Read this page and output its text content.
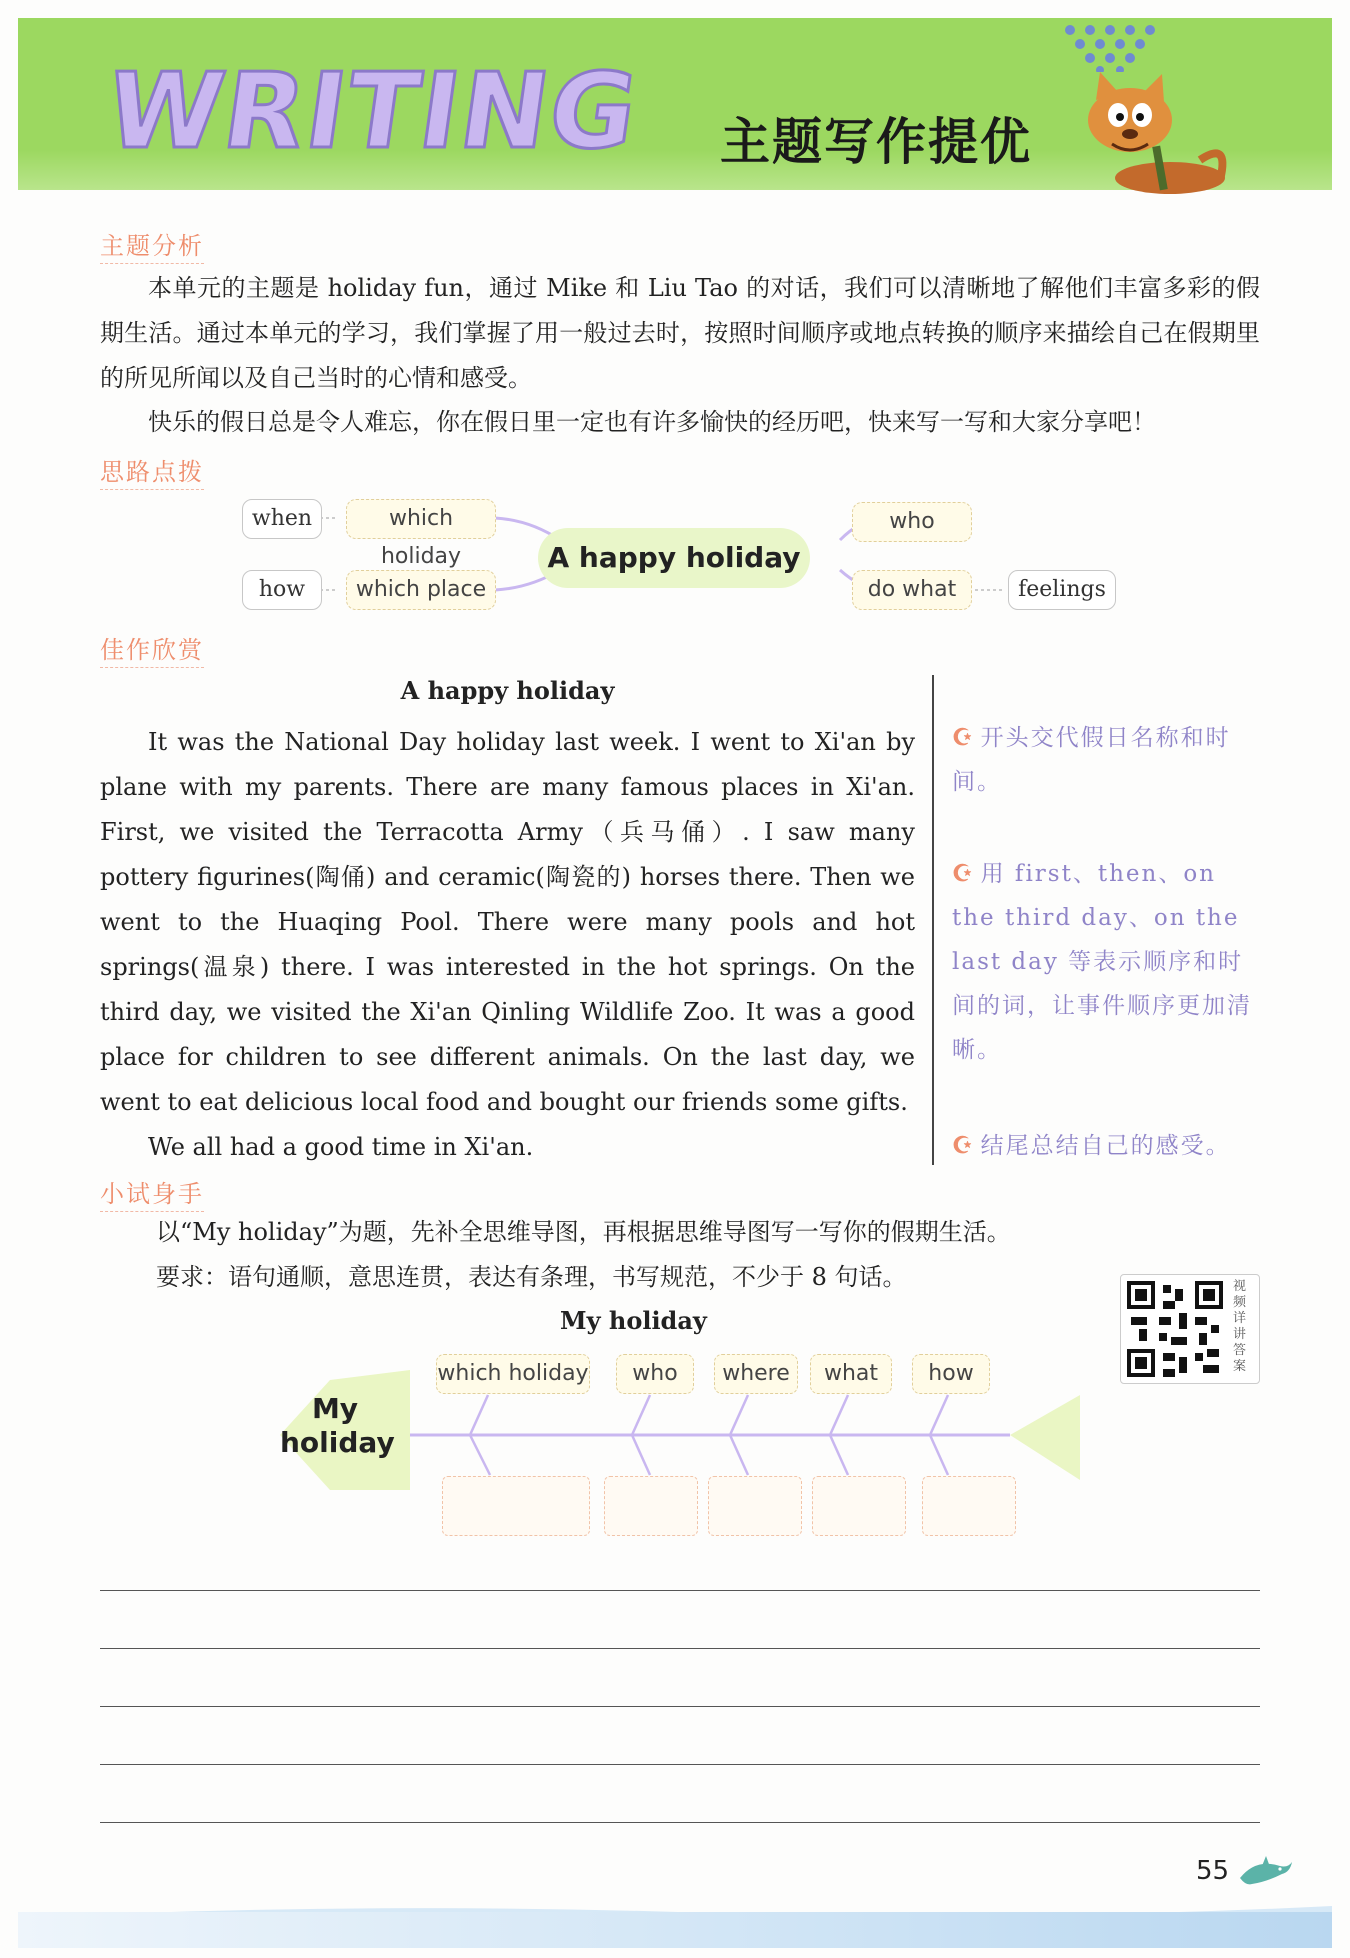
WRITING 主题写作提优
主题分析
本单元的主题是 holiday fun，通过 Mike 和 Liu Tao 的对话，我们可以清晰地了解他们丰富多彩的假期生活。通过本单元的学习，我们掌握了用一般过去时，按照时间顺序或地点转换的顺序来描绘自己在假期里的所见所闻以及自己当时的心情和感受。
快乐的假日总是令人难忘，你在假日里一定也有许多愉快的经历吧，快来写一写和大家分享吧！
思路点拨
when	which holiday
how	which place
A happy holiday
who
do what	feelings
佳作欣赏
A happy holiday

It was the National Day holiday last week. I went to Xi'an by plane with my parents. There are many famous places in Xi'an. First, we visited the Terracotta Army（兵马俑）. I saw many pottery figurines(陶俑) and ceramic(陶瓷的) horses there. Then we went to the Huaqing Pool. There were many pools and hot springs(温泉) there. I was interested in the hot springs. On the third day, we visited the Xi'an Qinling Wildlife Zoo. It was a good place for children to see different animals. On the last day, we went to eat delicious local food and bought our friends some gifts.

We all had a good time in Xi'an.

☪ 开头交代假日名称和时间。
☪ 用 first、then、on the third day、on the last day 等表示顺序和时间的词，让事件顺序更加清晰。
☪ 结尾总结自己的感受。
小试身手
以“My holiday”为题，先补全思维导图，再根据思维导图写一写你的假期生活。
要求：语句通顺，意思连贯，表达有条理，书写规范，不少于 8 句话。	视频详讲答案
My holiday
My
holiday
which holiday	who	where	what	how
55
